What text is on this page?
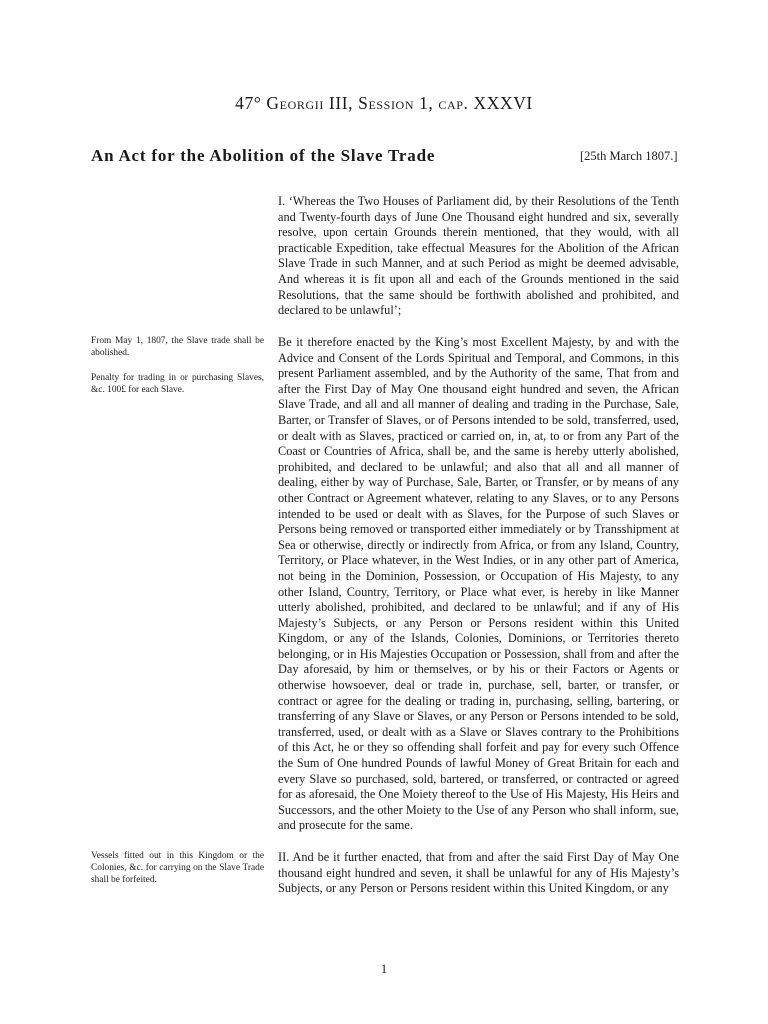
47° Georgii III, Session 1, cap. XXXVI
An Act for the Abolition of the Slave Trade	[25th March 1807.]

I. ‘Whereas the Two Houses of Parliament did, by their Resolutions of the Tenth and Twenty-fourth days of June One Thousand eight hundred and six, severally resolve, upon certain Grounds therein mentioned, that they would, with all practicable Expedition, take effectual Measures for the Abolition of the African Slave Trade in such Manner, and at such Period as might be deemed advisable, And whereas it is fit upon all and each of the Grounds mentioned in the said Resolutions, that the same should be forthwith abolished and prohibited, and declared to be unlawful’;

From May 1, 1807, the Slave trade shall be abolished.

Penalty for trading in or purchasing Slaves, &c. 100£ for each Slave.

Be it therefore enacted by the King’s most Excellent Majesty, by and with the Advice and Consent of the Lords Spiritual and Temporal, and Commons, in this present Parliament assembled, and by the Authority of the same, That from and after the First Day of May One thousand eight hundred and seven, the African Slave Trade, and all and all manner of dealing and trading in the Purchase, Sale, Barter, or Transfer of Slaves, or of Persons intended to be sold, transferred, used, or dealt with as Slaves, practiced or carried on, in, at, to or from any Part of the Coast or Countries of Africa, shall be, and the same is hereby utterly abolished, prohibited, and declared to be unlawful; and also that all and all manner of dealing, either by way of Purchase, Sale, Barter, or Transfer, or by means of any other Contract or Agreement whatever, relating to any Slaves, or to any Persons intended to be used or dealt with as Slaves, for the Purpose of such Slaves or Persons being removed or transported either immediately or by Transshipment at Sea or otherwise, directly or indirectly from Africa, or from any Island, Country, Territory, or Place whatever, in the West Indies, or in any other part of America, not being in the Dominion, Possession, or Occupation of His Majesty, to any other Island, Country, Territory, or Place what ever, is hereby in like Manner utterly abolished, prohibited, and declared to be unlawful; and if any of His Majesty’s Subjects, or any Person or Persons resident within this United Kingdom, or any of the Islands, Colonies, Dominions, or Territories thereto belonging, or in His Majesties Occupation or Possession, shall from and after the Day aforesaid, by him or themselves, or by his or their Factors or Agents or otherwise howsoever, deal or trade in, purchase, sell, barter, or transfer, or contract or agree for the dealing or trading in, purchasing, selling, bartering, or transferring of any Slave or Slaves, or any Person or Persons intended to be sold, transferred, used, or dealt with as a Slave or Slaves contrary to the Prohibitions of this Act, he or they so offending shall forfeit and pay for every such Offence the Sum of One hundred Pounds of lawful Money of Great Britain for each and every Slave so purchased, sold, bartered, or transferred, or contracted or agreed for as aforesaid, the One Moiety thereof to the Use of His Majesty, His Heirs and Successors, and the other Moiety to the Use of any Person who shall inform, sue, and prosecute for the same.

Vessels fitted out in this Kingdom or the Colonies, &c. for carrying on the Slave Trade shall be forfeited.

II. And be it further enacted, that from and after the said First Day of May One thousand eight hundred and seven, it shall be unlawful for any of His Majesty’s Subjects, or any Person or Persons resident within this United Kingdom, or any

1
